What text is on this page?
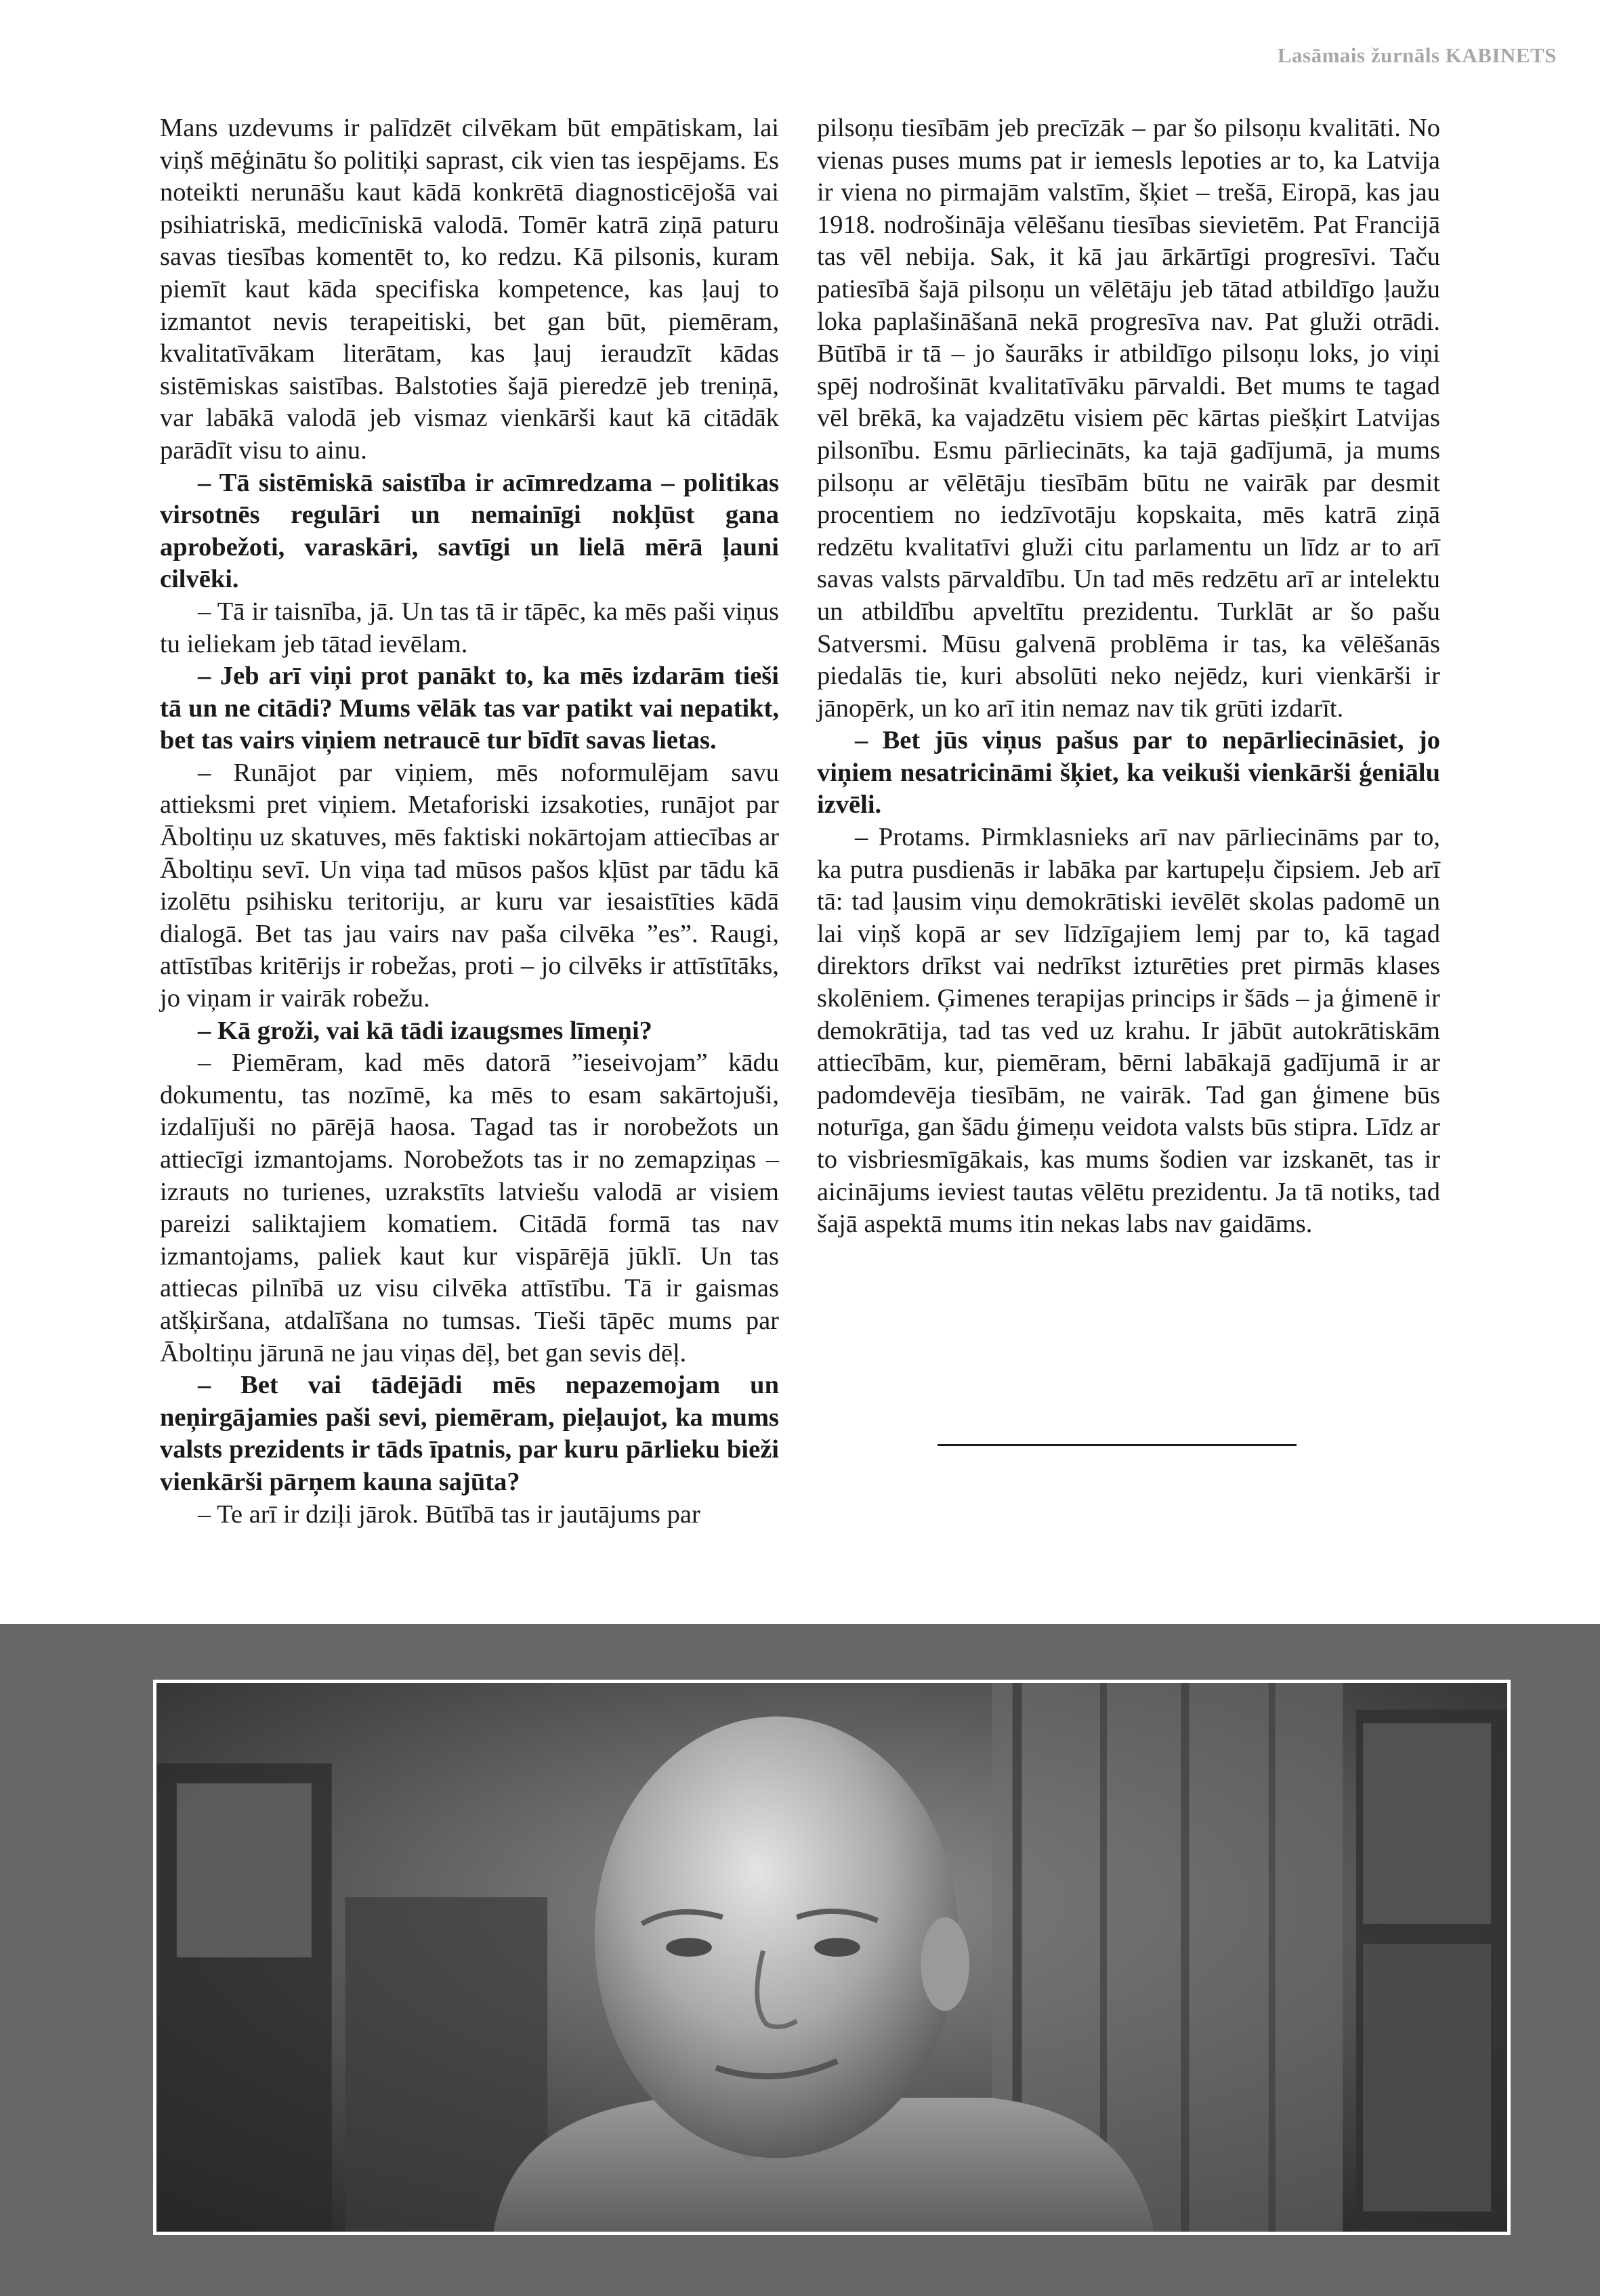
Lasāmais žurnāls KABINETS

Mans uzdevums ir palīdzēt cilvēkam būt empātiskam, lai viņš mēģinātu šo politiķi saprast, cik vien tas iespējams. Es noteikti nerunāšu kaut kādā konkrētā diagnosticējošā vai psihiatriskā, medicīniskā valodā. Tomēr katrā ziņā paturu savas tiesības komentēt to, ko redzu. Kā pilsonis, kuram piemīt kaut kāda specifiska kompetence, kas ļauj to izmantot nevis terapeitiski, bet gan būt, piemēram, kvalitatīvākam literātam, kas ļauj ieraudzīt kādas sistēmiskas saistības. Balstoties šajā pieredzē jeb treniņā, var labākā valodā jeb vismaz vienkārši kaut kā citādāk parādīt visu to ainu.

– Tā sistēmiskā saistība ir acīmredzama – politikas virsotnēs regulāri un nemainīgi nokļūst gana aprobežoti, varaskāri, savtīgi un lielā mērā ļauni cilvēki.

– Tā ir taisnība, jā. Un tas tā ir tāpēc, ka mēs paši viņus tu ieliekam jeb tātad ievēlam.

– Jeb arī viņi prot panākt to, ka mēs izdarām tieši tā un ne citādi? Mums vēlāk tas var patikt vai nepatikt, bet tas vairs viņiem netraucē tur bīdīt savas lietas.

– Runājot par viņiem, mēs noformulējam savu attieksmi pret viņiem. Metaforiski izsakoties, runājot par Āboltiņu uz skatuves, mēs faktiski nokārtojam attiecības ar Āboltiņu sevī. Un viņa tad mūsos pašos kļūst par tādu kā izolētu psihisku teritoriju, ar kuru var iesaistīties kādā dialogā. Bet tas jau vairs nav paša cilvēka ”es”. Raugi, attīstības kritērijs ir robežas, proti – jo cilvēks ir attīstītāks, jo viņam ir vairāk robežu.

– Kā groži, vai kā tādi izaugsmes līmeņi?

– Piemēram, kad mēs datorā ”ieseivojam” kādu dokumentu, tas nozīmē, ka mēs to esam sakārtojuši, izdalījuši no pārējā haosa. Tagad tas ir norobežots un attiecīgi izmantojams. Norobežots tas ir no zemapziņas – izrauts no turienes, uzrakstīts latviešu valodā ar visiem pareizi saliktajiem komatiem. Citādā formā tas nav izmantojams, paliek kaut kur vispārējā jūklī. Un tas attiecas pilnībā uz visu cilvēka attīstību. Tā ir gaismas atšķiršana, atdalīšana no tumsas. Tieši tāpēc mums par Āboltiņu jārunā ne jau viņas dēļ, bet gan sevis dēļ.

– Bet vai tādējādi mēs nepazemojam un neņirgājamies paši sevi, piemēram, pieļaujot, ka mums valsts prezidents ir tāds īpatnis, par kuru pārlieku bieži vienkārši pārņem kauna sajūta?

– Te arī ir dziļi jārok. Būtībā tas ir jautājums par

pilsoņu tiesībām jeb precīzāk – par šo pilsoņu kvalitāti. No vienas puses mums pat ir iemesls lepoties ar to, ka Latvija ir viena no pirmajām valstīm, šķiet – trešā, Eiropā, kas jau 1918. nodrošināja vēlēšanu tiesības sievietēm. Pat Francijā tas vēl nebija. Sak, it kā jau ārkārtīgi progresīvi. Taču patiesībā šajā pilsoņu un vēlētāju jeb tātad atbildīgo ļaužu loka paplašināšanā nekā progresīva nav. Pat gluži otrādi. Būtībā ir tā – jo šaurāks ir atbildīgo pilsoņu loks, jo viņi spēj nodrošināt kvalitatīvāku pārvaldi. Bet mums te tagad vēl brēkā, ka vajadzētu visiem pēc kārtas piešķirt Latvijas pilsonību. Esmu pārliecināts, ka tajā gadījumā, ja mums pilsoņu ar vēlētāju tiesībām būtu ne vairāk par desmit procentiem no iedzīvotāju kopskaita, mēs katrā ziņā redzētu kvalitatīvi gluži citu parlamentu un līdz ar to arī savas valsts pārvaldību. Un tad mēs redzētu arī ar intelektu un atbildību apveltītu prezidentu. Turklāt ar šo pašu Satversmi. Mūsu galvenā problēma ir tas, ka vēlēšanās piedalās tie, kuri absolūti neko nejēdz, kuri vienkārši ir jānopērk, un ko arī itin nemaz nav tik grūti izdarīt.

– Bet jūs viņus pašus par to nepārliecināsiet, jo viņiem nesatricināmi šķiet, ka veikuši vienkārši ģeniālu izvēli.

– Protams. Pirmklasnieks arī nav pārliecināms par to, ka putra pusdienās ir labāka par kartupeļu čipsiem. Jeb arī tā: tad ļausim viņu demokrātiski ievēlēt skolas padomē un lai viņš kopā ar sev līdzīgajiem lemj par to, kā tagad direktors drīkst vai nedrīkst izturēties pret pirmās klases skolēniem. Ģimenes terapijas princips ir šāds – ja ģimenē ir demokrātija, tad tas ved uz krahu. Ir jābūt autokrātiskām attiecībām, kur, piemēram, bērni labākajā gadījumā ir ar padomdevēja tiesībām, ne vairāk. Tad gan ģimene būs noturīga, gan šādu ģimeņu veidota valsts būs stipra. Līdz ar to visbriesmīgākais, kas mums šodien var izskanēt, tas ir aicinājums ieviest tautas vēlētu prezidentu. Ja tā notiks, tad šajā aspektā mums itin nekas labs nav gaidāms.
